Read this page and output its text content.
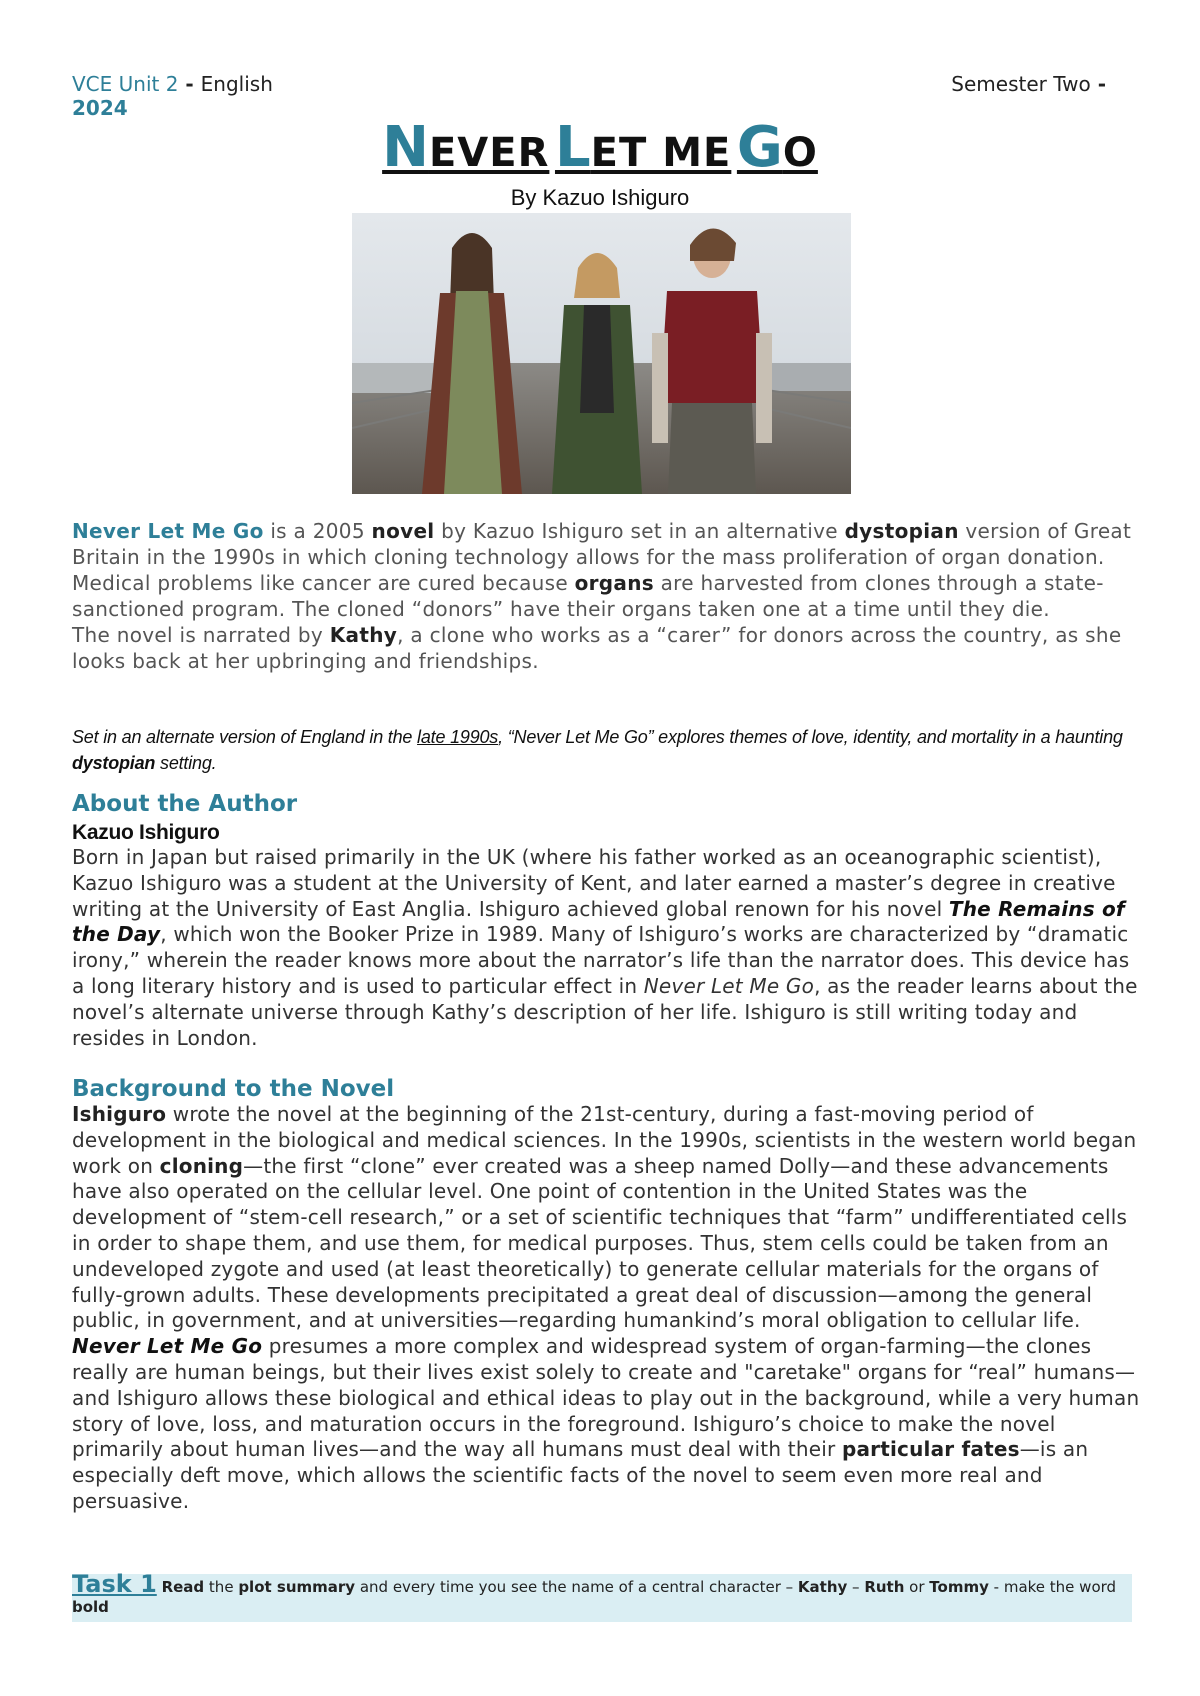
VCE Unit 2 - English
2024
Semester Two -
NEVER LET ME GO
By Kazuo Ishiguro

Never Let Me Go is a 2005 novel by Kazuo Ishiguro set in an alternative dystopian version of Great Britain in the 1990s in which cloning technology allows for the mass proliferation of organ donation. Medical problems like cancer are cured because organs are harvested from clones through a state-sanctioned program. The cloned “donors” have their organs taken one at a time until they die.

The novel is narrated by Kathy, a clone who works as a “carer” for donors across the country, as she looks back at her upbringing and friendships.

Set in an alternate version of England in the late 1990s, “Never Let Me Go” explores themes of love, identity, and mortality in a haunting dystopian setting.
About the Author
Kazuo Ishiguro
Born in Japan but raised primarily in the UK (where his father worked as an oceanographic scientist), Kazuo Ishiguro was a student at the University of Kent, and later earned a master’s degree in creative writing at the University of East Anglia. Ishiguro achieved global renown for his novel The Remains of the Day, which won the Booker Prize in 1989. Many of Ishiguro’s works are characterized by “dramatic irony,” wherein the reader knows more about the narrator’s life than the narrator does. This device has a long literary history and is used to particular effect in Never Let Me Go, as the reader learns about the novel’s alternate universe through Kathy’s description of her life. Ishiguro is still writing today and resides in London.
Background to the Novel
Ishiguro wrote the novel at the beginning of the 21st-century, during a fast-moving period of development in the biological and medical sciences. In the 1990s, scientists in the western world began work on cloning—the first “clone” ever created was a sheep named Dolly—and these advancements have also operated on the cellular level. One point of contention in the United States was the development of “stem-cell research,” or a set of scientific techniques that “farm” undifferentiated cells in order to shape them, and use them, for medical purposes. Thus, stem cells could be taken from an undeveloped zygote and used (at least theoretically) to generate cellular materials for the organs of fully-grown adults. These developments precipitated a great deal of discussion—among the general public, in government, and at universities—regarding humankind’s moral obligation to cellular life. Never Let Me Go presumes a more complex and widespread system of organ-farming—the clones really are human beings, but their lives exist solely to create and "caretake" organs for “real” humans—and Ishiguro allows these biological and ethical ideas to play out in the background, while a very human story of love, loss, and maturation occurs in the foreground. Ishiguro’s choice to make the novel primarily about human lives—and the way all humans must deal with their particular fates—is an especially deft move, which allows the scientific facts of the novel to seem even more real and persuasive.
Task 1 Read the plot summary and every time you see the name of a central character – Kathy – Ruth or Tommy - make the word bold
